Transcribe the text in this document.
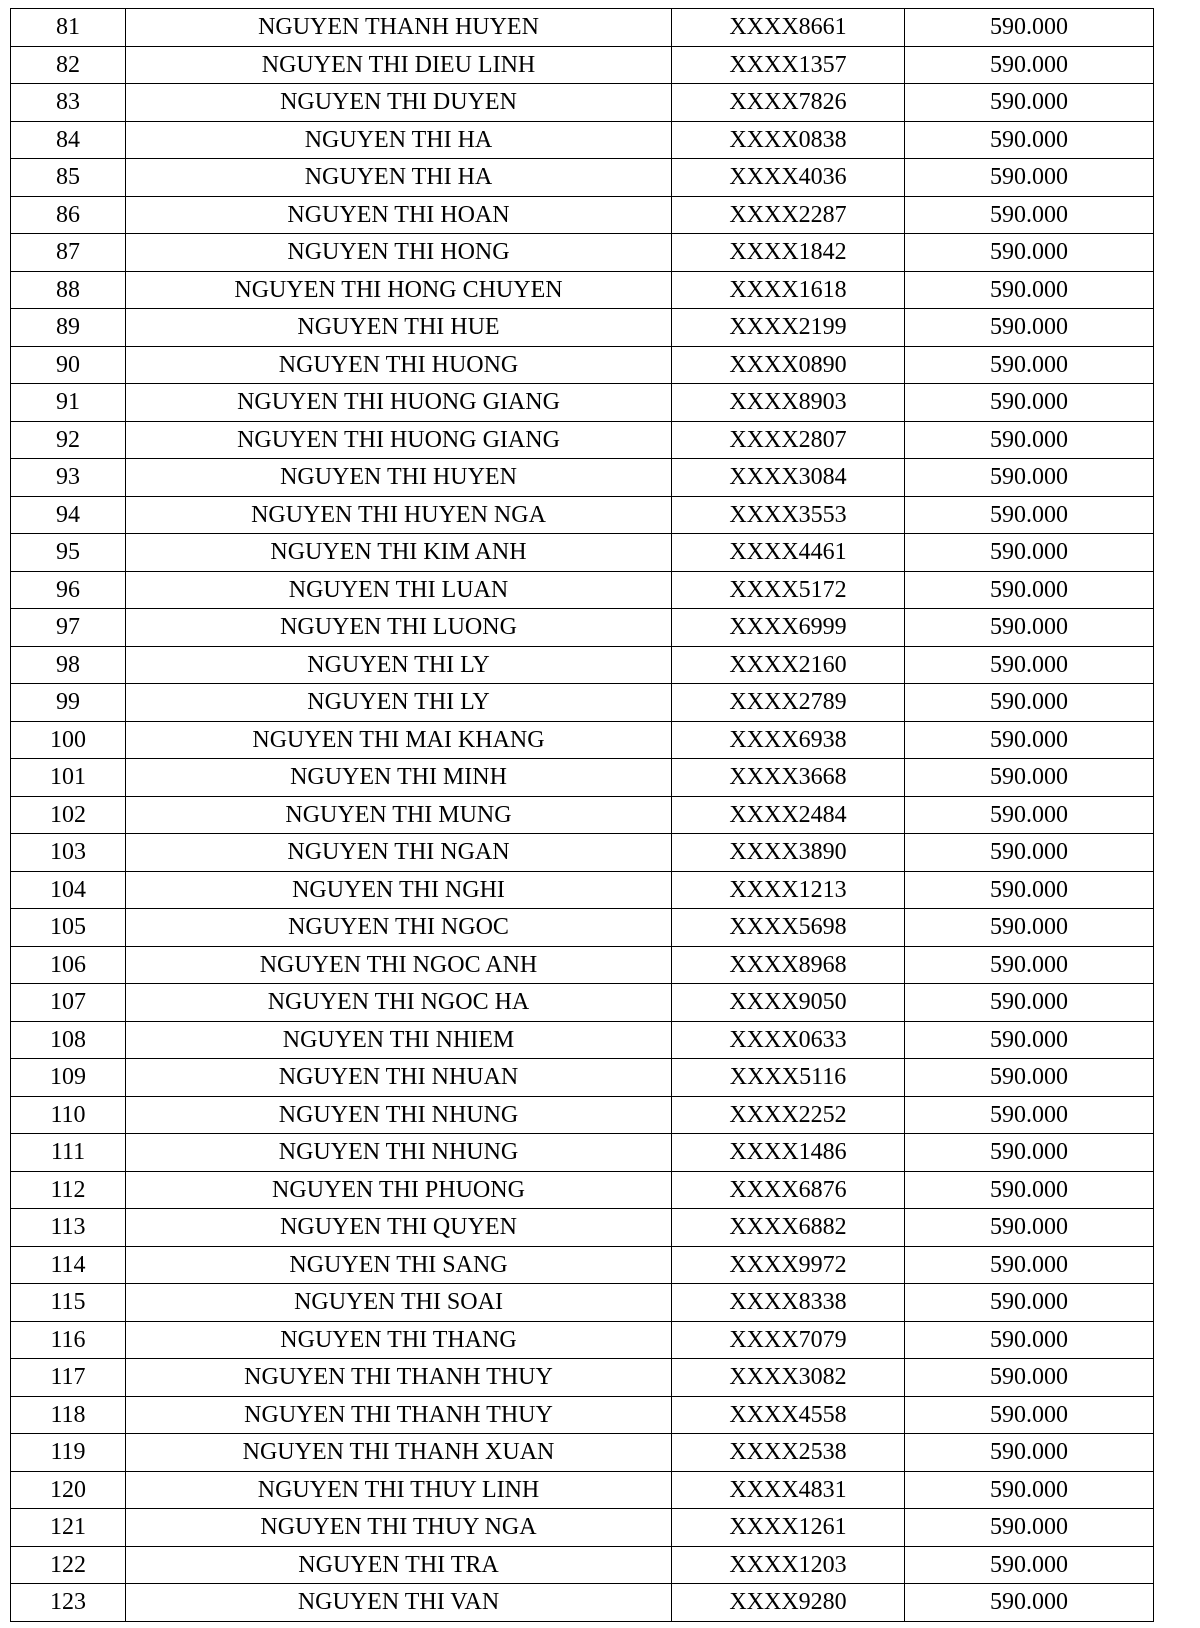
81	NGUYEN THANH HUYEN	XXXX8661	590.000
82	NGUYEN THI DIEU LINH	XXXX1357	590.000
83	NGUYEN THI DUYEN	XXXX7826	590.000
84	NGUYEN THI HA	XXXX0838	590.000
85	NGUYEN THI HA	XXXX4036	590.000
86	NGUYEN THI HOAN	XXXX2287	590.000
87	NGUYEN THI HONG	XXXX1842	590.000
88	NGUYEN THI HONG CHUYEN	XXXX1618	590.000
89	NGUYEN THI HUE	XXXX2199	590.000
90	NGUYEN THI HUONG	XXXX0890	590.000
91	NGUYEN THI HUONG GIANG	XXXX8903	590.000
92	NGUYEN THI HUONG GIANG	XXXX2807	590.000
93	NGUYEN THI HUYEN	XXXX3084	590.000
94	NGUYEN THI HUYEN NGA	XXXX3553	590.000
95	NGUYEN THI KIM ANH	XXXX4461	590.000
96	NGUYEN THI LUAN	XXXX5172	590.000
97	NGUYEN THI LUONG	XXXX6999	590.000
98	NGUYEN THI LY	XXXX2160	590.000
99	NGUYEN THI LY	XXXX2789	590.000
100	NGUYEN THI MAI KHANG	XXXX6938	590.000
101	NGUYEN THI MINH	XXXX3668	590.000
102	NGUYEN THI MUNG	XXXX2484	590.000
103	NGUYEN THI NGAN	XXXX3890	590.000
104	NGUYEN THI NGHI	XXXX1213	590.000
105	NGUYEN THI NGOC	XXXX5698	590.000
106	NGUYEN THI NGOC ANH	XXXX8968	590.000
107	NGUYEN THI NGOC HA	XXXX9050	590.000
108	NGUYEN THI NHIEM	XXXX0633	590.000
109	NGUYEN THI NHUAN	XXXX5116	590.000
110	NGUYEN THI NHUNG	XXXX2252	590.000
111	NGUYEN THI NHUNG	XXXX1486	590.000
112	NGUYEN THI PHUONG	XXXX6876	590.000
113	NGUYEN THI QUYEN	XXXX6882	590.000
114	NGUYEN THI SANG	XXXX9972	590.000
115	NGUYEN THI SOAI	XXXX8338	590.000
116	NGUYEN THI THANG	XXXX7079	590.000
117	NGUYEN THI THANH THUY	XXXX3082	590.000
118	NGUYEN THI THANH THUY	XXXX4558	590.000
119	NGUYEN THI THANH XUAN	XXXX2538	590.000
120	NGUYEN THI THUY LINH	XXXX4831	590.000
121	NGUYEN THI THUY NGA	XXXX1261	590.000
122	NGUYEN THI TRA	XXXX1203	590.000
123	NGUYEN THI VAN	XXXX9280	590.000
